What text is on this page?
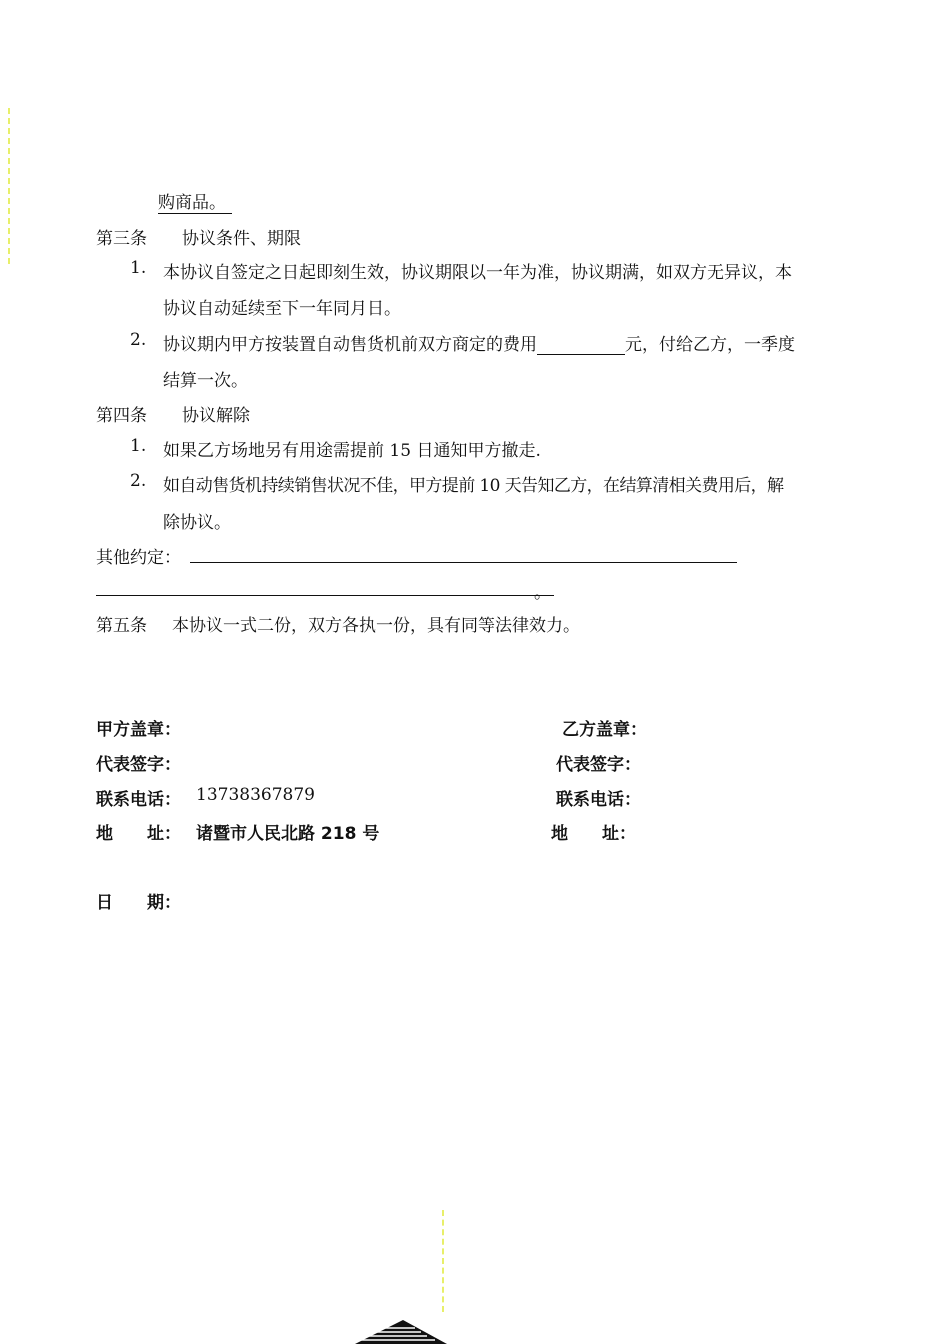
购商品。
第三条 协议条件、期限
1. 本协议自签定之日起即刻生效，协议期限以一年为准，协议期满，如双方无异议，本
协议自动延续至下一年同月日。
2. 协议期内甲方按装置自动售货机前双方商定的费用	元，付给乙方，一季度
结算一次。
第四条 协议解除
1. 如果乙方场地另有用途需提前 15 日通知甲方撤走.
2. 如自动售货机持续销售状况不佳，甲方提前 10 天告知乙方，在结算清相关费用后，解
除协议。
其他约定：
。
第五条 本协议一式二份，双方各执一份，具有同等法律效力。
甲方盖章：
代表签字：
联系电话： 13738367879
地　　址： 诸暨市人民北路 218 号
乙方盖章：
代表签字：
联系电话：
地　　址：
日　　期：
